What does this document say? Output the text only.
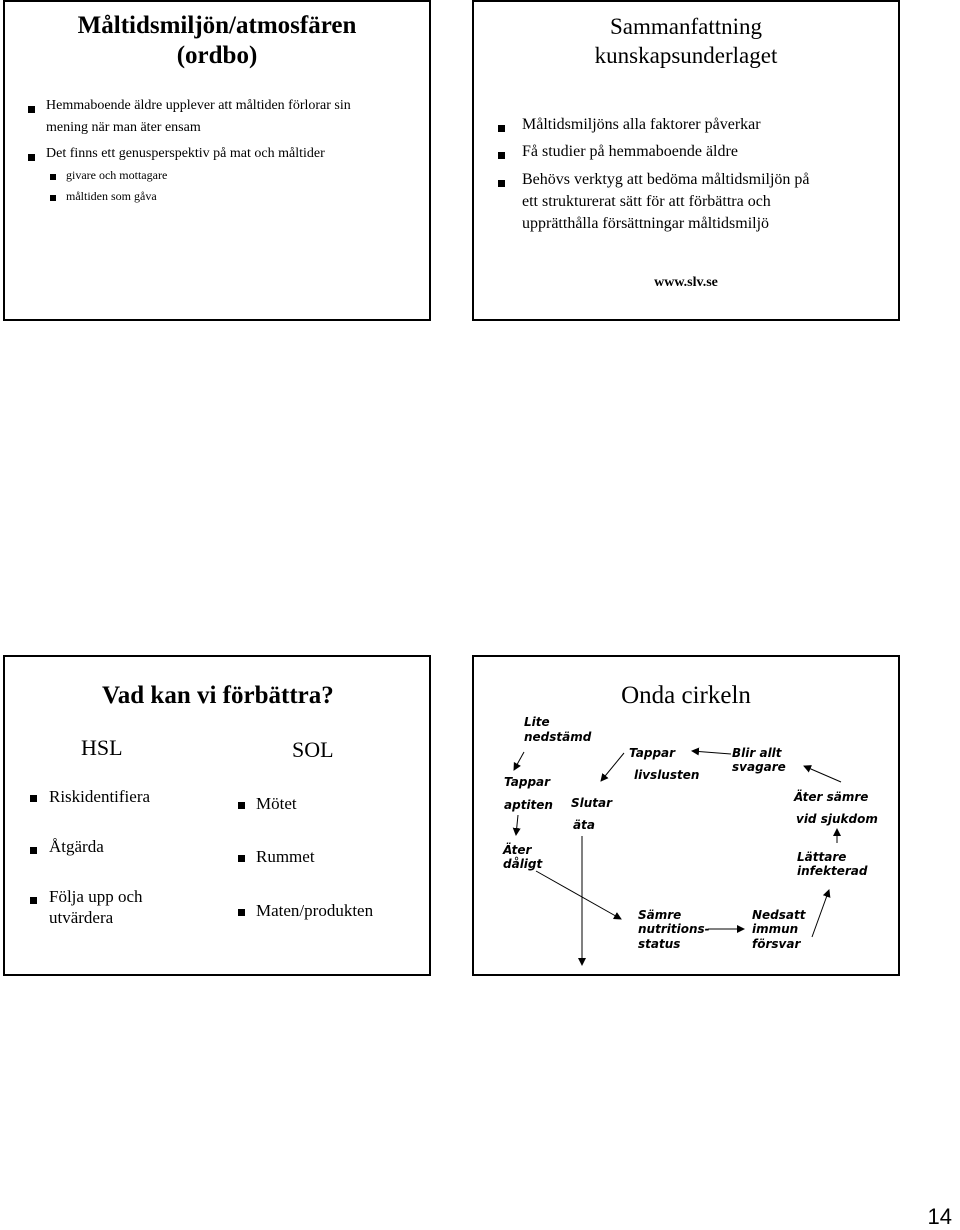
Måltidsmiljön/atmosfären
(ordbo)
Hemmaboende äldre upplever att måltiden förlorar sin
mening när man äter ensam
Det finns ett genusperspektiv på mat och måltider
givare och mottagare
måltiden som gåva
Sammanfattning
kunskapsunderlaget
Måltidsmiljöns alla faktorer påverkar
Få studier på hemmaboende äldre
Behövs verktyg att bedöma måltidsmiljön på
ett strukturerat sätt för att förbättra och
upprätthålla försättningar måltidsmiljö
www.slv.se
Vad kan vi förbättra?
HSL	SOL
Riskidentifiera
Åtgärda
Följa upp och
utvärdera
Mötet
Rummet
Maten/produkten
Onda cirkeln
Lite
nedstämd
Tappar
aptiten Slutar
äta
Äter
dåligt
Tappar
livslusten
Blir allt
svagare
Äter sämre
vid sjukdom
Lättare
infekterad
Sämre
nutritions-
status
Nedsatt
immun
försvar
14
